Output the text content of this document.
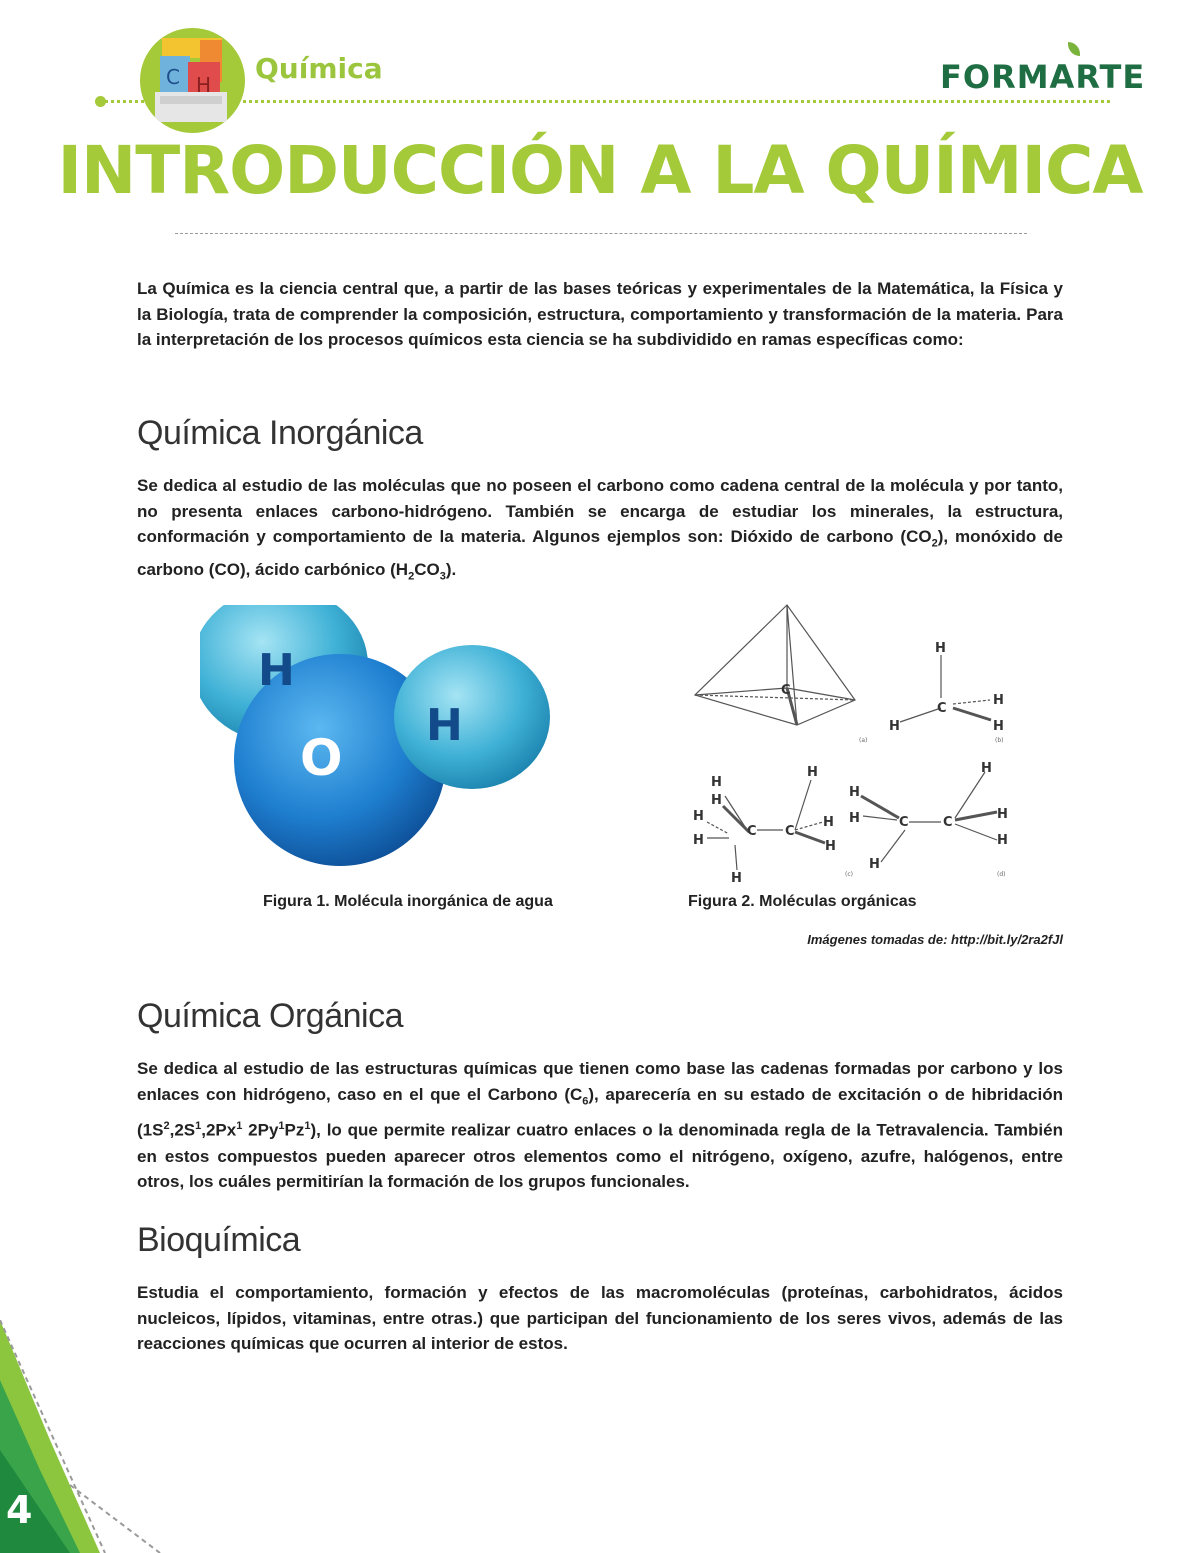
C H Química	FORMARTE
INTRODUCCIÓN A LA QUÍMICA
La Química es la ciencia central que, a partir de las bases teóricas y experimentales de la Matemática, la Física y la Biología, trata de comprender la composición, estructura, comportamiento y transformación de la materia. Para la interpretación de los procesos químicos esta ciencia se ha subdividido en ramas específicas como:
Química Inorgánica
Se dedica al estudio de las moléculas que no poseen el carbono como cadena central de la molécula y por tanto, no presenta enlaces carbono-hidrógeno. También se encarga de estudiar los minerales, la estructura, conformación y comportamiento de la materia. Algunos ejemplos son: Dióxido de carbono $(CO_2)$, monóxido de carbono (CO), ácido carbónico $(H_2CO_3)$.
H
O
H
Figura 1. Molécula inorgánica de agua
C
H
C
H
H
H
H
H
C C
H
H
H
H
H
H
H
H	C	C
H
H
H
H
(a)	(b)
(c)	(d)
Figura 2. Moléculas orgánicas
Imágenes tomadas de: http://bit.ly/2ra2fJl
Química Orgánica
Se dedica al estudio de las estructuras químicas que tienen como base las cadenas formadas por carbono y los enlaces con hidrógeno, caso en el que el Carbono $(C_6)$, aparecería en su estado de excitación o de hibridación ($1S^2,2S^1,2Px^1$ 2Py$^1$Pz$^1$), lo que permite realizar cuatro enlaces o la denominada regla de la Tetravalencia. También en estos compuestos pueden aparecer otros elementos como el nitrógeno, oxígeno, azufre, halógenos, entre otros, los cuáles permitirían la formación de los grupos funcionales.
Bioquímica
Estudia el comportamiento, formación y efectos de las macromoléculas (proteínas, carbohidratos, ácidos nucleicos, lípidos, vitaminas, entre otras.) que participan del funcionamiento de los seres vivos, además de las reacciones químicas que ocurren al interior de estos.
4
